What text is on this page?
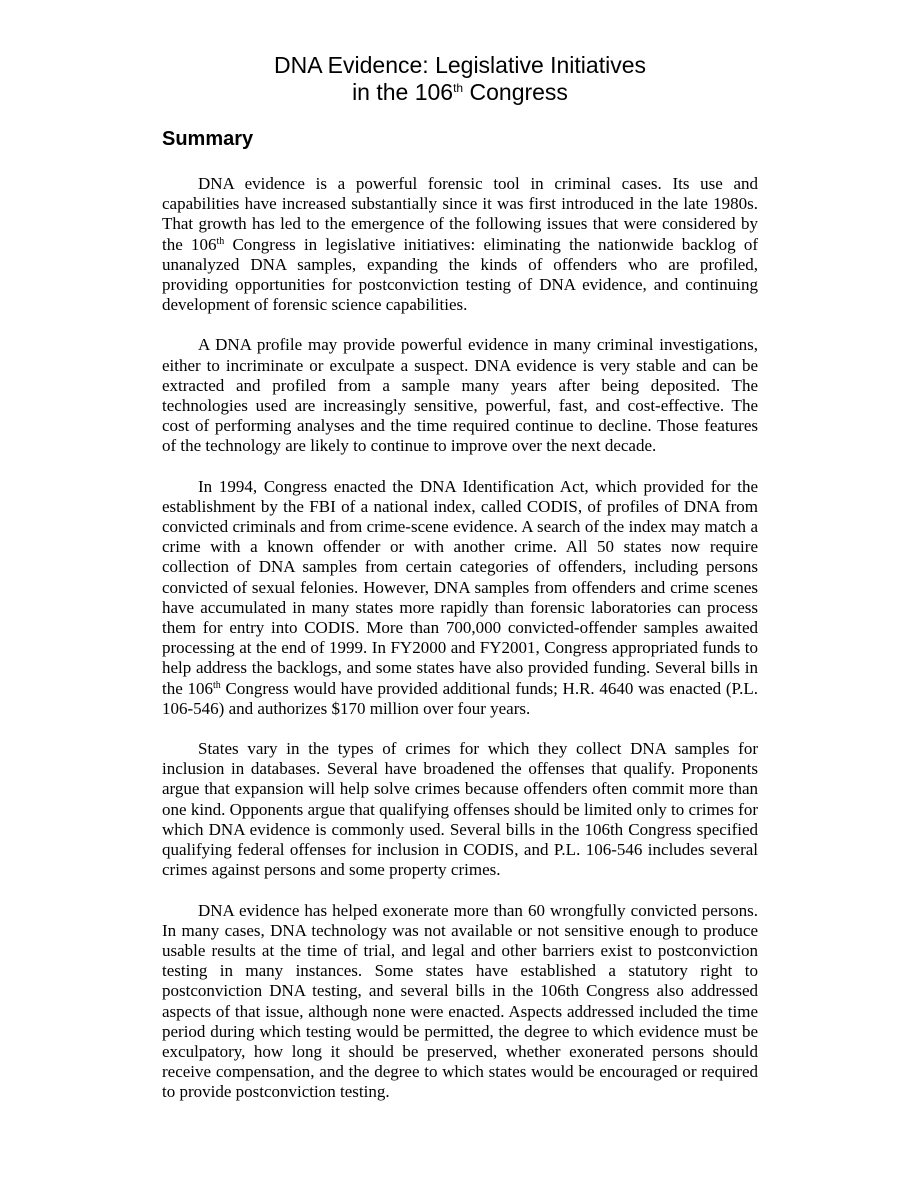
DNA Evidence: Legislative Initiatives
in the 106th Congress
Summary

DNA evidence is a powerful forensic tool in criminal cases. Its use and capabilities have increased substantially since it was first introduced in the late 1980s. That growth has led to the emergence of the following issues that were considered by the 106th Congress in legislative initiatives: eliminating the nationwide backlog of unanalyzed DNA samples, expanding the kinds of offenders who are profiled, providing opportunities for postconviction testing of DNA evidence, and continuing development of forensic science capabilities.

A DNA profile may provide powerful evidence in many criminal investigations, either to incriminate or exculpate a suspect. DNA evidence is very stable and can be extracted and profiled from a sample many years after being deposited. The technologies used are increasingly sensitive, powerful, fast, and cost-effective. The cost of performing analyses and the time required continue to decline. Those features of the technology are likely to continue to improve over the next decade.

In 1994, Congress enacted the DNA Identification Act, which provided for the establishment by the FBI of a national index, called CODIS, of profiles of DNA from convicted criminals and from crime-scene evidence. A search of the index may match a crime with a known offender or with another crime. All 50 states now require collection of DNA samples from certain categories of offenders, including persons convicted of sexual felonies. However, DNA samples from offenders and crime scenes have accumulated in many states more rapidly than forensic laboratories can process them for entry into CODIS. More than 700,000 convicted-offender samples awaited processing at the end of 1999. In FY2000 and FY2001, Congress appropriated funds to help address the backlogs, and some states have also provided funding. Several bills in the 106th Congress would have provided additional funds; H.R. 4640 was enacted (P.L. 106-546) and authorizes $170 million over four years.

States vary in the types of crimes for which they collect DNA samples for inclusion in databases. Several have broadened the offenses that qualify. Proponents argue that expansion will help solve crimes because offenders often commit more than one kind. Opponents argue that qualifying offenses should be limited only to crimes for which DNA evidence is commonly used. Several bills in the 106th Congress specified qualifying federal offenses for inclusion in CODIS, and P.L. 106-546 includes several crimes against persons and some property crimes.

DNA evidence has helped exonerate more than 60 wrongfully convicted persons. In many cases, DNA technology was not available or not sensitive enough to produce usable results at the time of trial, and legal and other barriers exist to postconviction testing in many instances. Some states have established a statutory right to postconviction DNA testing, and several bills in the 106th Congress also addressed aspects of that issue, although none were enacted. Aspects addressed included the time period during which testing would be permitted, the degree to which evidence must be exculpatory, how long it should be preserved, whether exonerated persons should receive compensation, and the degree to which states would be encouraged or required to provide postconviction testing.
